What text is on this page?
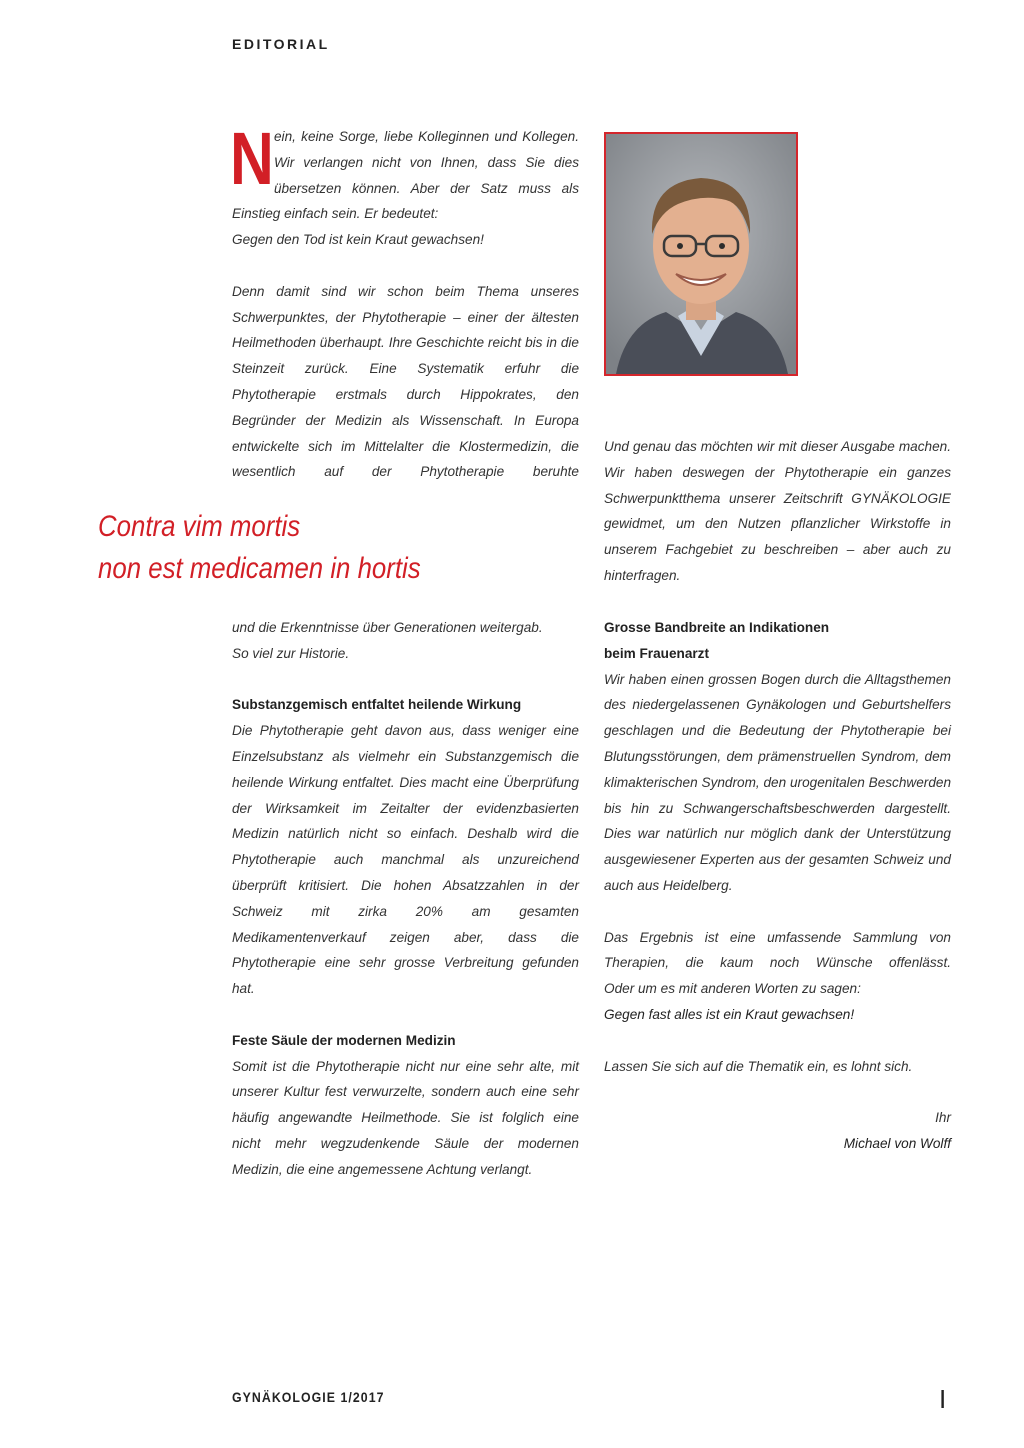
EDITORIAL
N ein, keine Sorge, liebe Kolleginnen und Kollegen. Wir verlangen nicht von Ihnen, dass Sie dies übersetzen können. Aber der Satz muss als Einstieg einfach sein. Er bedeutet:

Gegen den Tod ist kein Kraut gewachsen!

Denn damit sind wir schon beim Thema unseres Schwerpunktes, der Phytotherapie – einer der ältesten Heilmethoden überhaupt. Ihre Geschichte reicht bis in die Steinzeit zurück. Eine Systematik erfuhr die Phytotherapie erstmals durch Hippokrates, den Begründer der Medizin als Wissenschaft. In Europa entwickelte sich im Mittelalter die Klostermedizin, die wesentlich auf der Phytotherapie beruhte

Contra vim mortis
non est medicamen in hortis

und die Erkenntnisse über Generationen weitergab.

So viel zur Historie.

Substanzgemisch entfaltet heilende Wirkung

Die Phytotherapie geht davon aus, dass weniger eine Einzelsubstanz als vielmehr ein Substanzgemisch die heilende Wirkung entfaltet. Dies macht eine Überprüfung der Wirksamkeit im Zeitalter der evidenzbasierten Medizin natürlich nicht so einfach. Deshalb wird die Phytotherapie auch manchmal als unzureichend überprüft kritisiert. Die hohen Absatzzahlen in der Schweiz mit zirka 20% am gesamten Medikamentenverkauf zeigen aber, dass die Phytotherapie eine sehr grosse Verbreitung gefunden hat.

Feste Säule der modernen Medizin

Somit ist die Phytotherapie nicht nur eine sehr alte, mit unserer Kultur fest verwurzelte, sondern auch eine sehr häufig angewandte Heilmethode. Sie ist folglich eine nicht mehr wegzudenkende Säule der modernen Medizin, die eine angemessene Achtung verlangt.

Und genau das möchten wir mit dieser Ausgabe machen. Wir haben deswegen der Phytotherapie ein ganzes Schwerpunktthema unserer Zeitschrift GYNÄKOLOGIE gewidmet, um den Nutzen pflanzlicher Wirkstoffe in unserem Fachgebiet zu beschreiben – aber auch zu hinterfragen.

Grosse Bandbreite an Indikationen

beim Frauenarzt

Wir haben einen grossen Bogen durch die Alltagsthemen des niedergelassenen Gynäkologen und Geburtshelfers geschlagen und die Bedeutung der Phytotherapie bei Blutungsstörungen, dem prämenstruellen Syndrom, dem klimakterischen Syndrom, den urogenitalen Beschwerden bis hin zu Schwangerschaftsbeschwerden dargestellt. Dies war natürlich nur möglich dank der Unterstützung ausgewiesener Experten aus der gesamten Schweiz und auch aus Heidelberg.

Das Ergebnis ist eine umfassende Sammlung von Therapien, die kaum noch Wünsche offenlässt.

Oder um es mit anderen Worten zu sagen:

Gegen fast alles ist ein Kraut gewachsen!

Lassen Sie sich auf die Thematik ein, es lohnt sich.

Ihr

Michael von Wolff

GYNÄKOLOGIE 1/2017	I
